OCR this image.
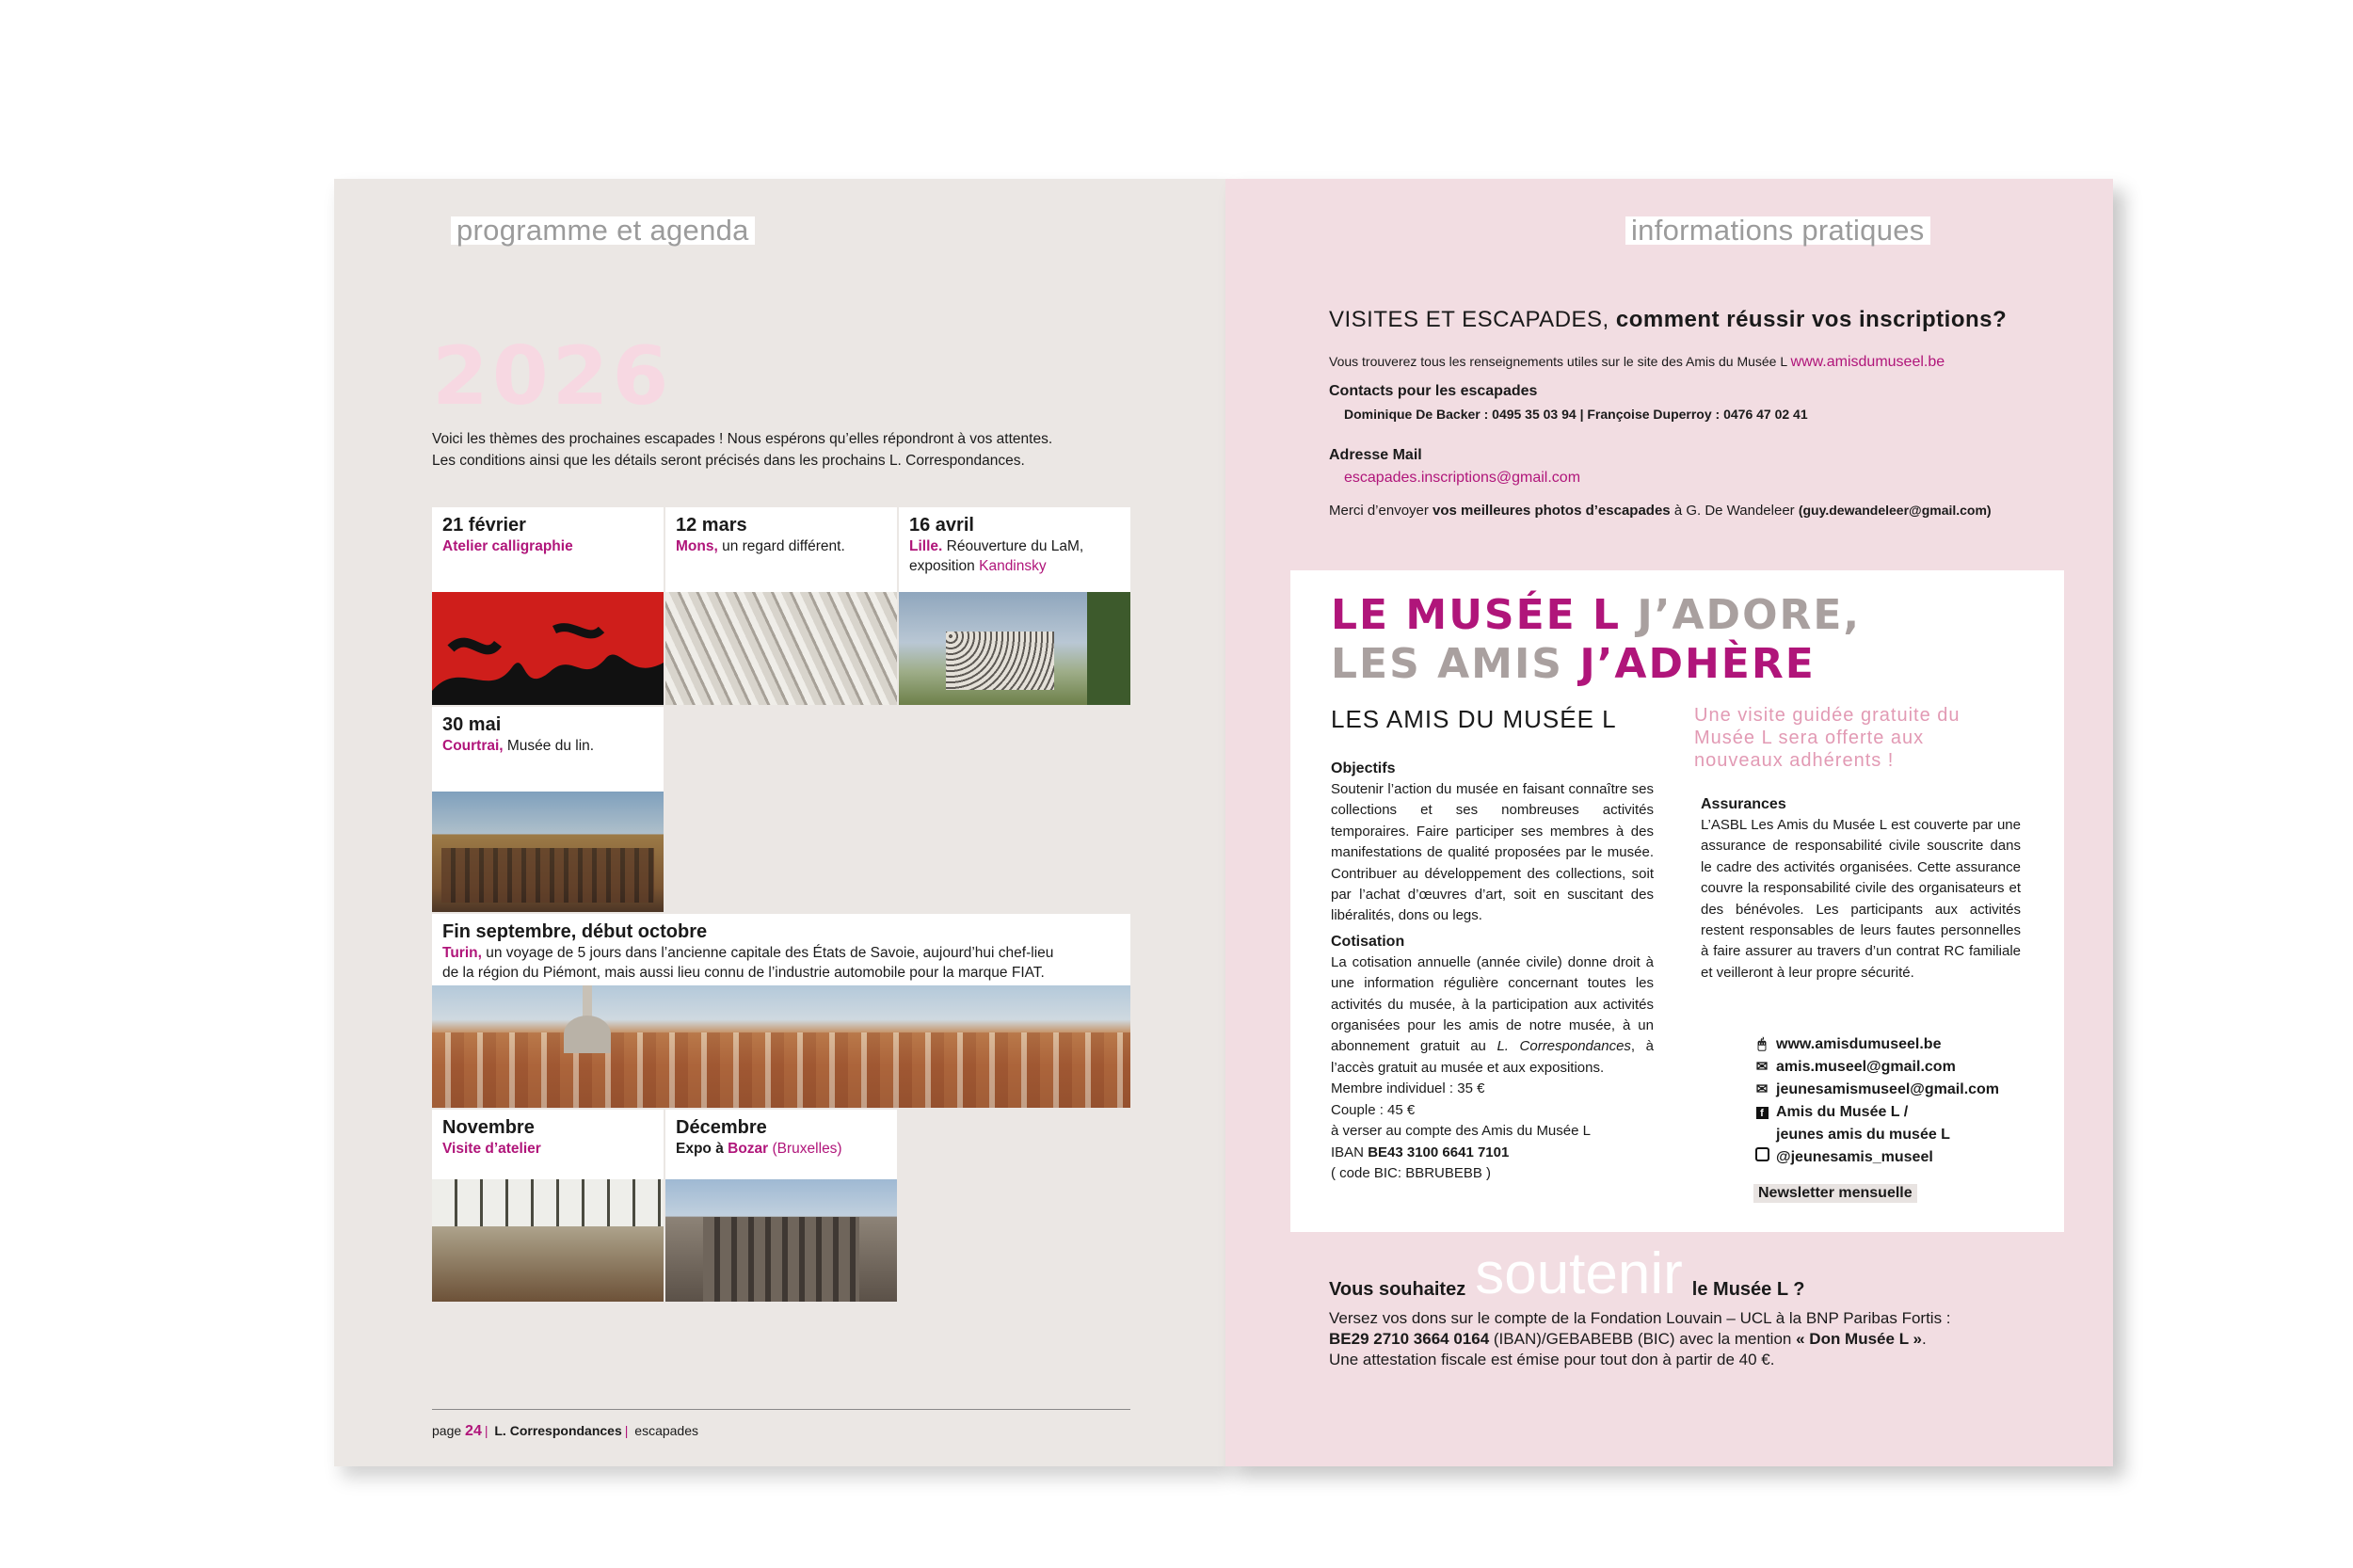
programme et agenda
2026
Voici les thèmes des prochaines escapades ! Nous espérons qu’elles répondront à vos attentes.
Les conditions ainsi que les détails seront précisés dans les prochains L. Correspondances.
21 février
Atelier calligraphie
12 mars
Mons, un regard différent.
16 avril
Lille. Réouverture du LaM,
exposition Kandinsky
30 mai
Courtrai, Musée du lin.
Fin septembre, début octobre
Turin, un voyage de 5 jours dans l’ancienne capitale des États de Savoie, aujourd’hui chef-lieu
de la région du Piémont, mais aussi lieu connu de l’industrie automobile pour la marque FIAT.
Novembre
Visite d’atelier
Décembre
Expo à Bozar (Bruxelles)
page 24 | L. Correspondances | escapades
informations pratiques
VISITES ET ESCAPADES, comment réussir vos inscriptions?
Vous trouverez tous les renseignements utiles sur le site des Amis du Musée L www.amisdumuseel.be
Contacts pour les escapades
Dominique De Backer : 0495 35 03 94 | Françoise Duperroy : 0476 47 02 41
Adresse Mail
escapades.inscriptions@gmail.com
Merci d’envoyer vos meilleures photos d’escapades à G. De Wandeleer (guy.dewandeleer@gmail.com)
LE MUSÉE L J’ADORE,
LES AMIS J’ADHÈRE
LES AMIS DU MUSÉE L	Une visite guidée gratuite du Musée L sera offerte aux nouveaux adhérents !
Objectifs
Soutenir l’action du musée en faisant connaître ses collections et ses nombreuses activités temporaires. Faire participer ses membres à des manifestations de qualité proposées par le musée. Contribuer au développement des collections, soit par l’achat d’œuvres d’art, soit en suscitant des libéralités, dons ou legs.
Cotisation
La cotisation annuelle (année civile) donne droit à une information régulière concernant toutes les activités du musée, à la participation aux activités organisées pour les amis de notre musée, à un abonnement gratuit au L. Correspondances, à l’accès gratuit au musée et aux expositions.
Membre individuel : 35 €
Couple : 45 €
à verser au compte des Amis du Musée L
IBAN BE43 3100 6641 7101
( code BIC: BBRUBEBB )
Assurances
L’ASBL Les Amis du Musée L est couverte par une assurance de responsabilité civile souscrite dans le cadre des activités organisées. Cette assurance couvre la responsabilité civile des organisateurs et des bénévoles. Les participants aux activités restent responsables de leurs fautes personnelles à faire assurer au travers d’un contrat RC familiale et veilleront à leur propre sécurité.
🖱 www.amisdumuseel.be
✉ amis.museel@gmail.com
✉ jeunesamismuseel@gmail.com
f Amis du Musée L /
jeunes amis du musée L
@jeunesamis_museel
Newsletter mensuelle
Vous souhaitez soutenir le Musée L ?
Versez vos dons sur le compte de la Fondation Louvain – UCL à la BNP Paribas Fortis :
BE29 2710 3664 0164 (IBAN)/GEBABEBB (BIC) avec la mention « Don Musée L ».
Une attestation fiscale est émise pour tout don à partir de 40 €.
